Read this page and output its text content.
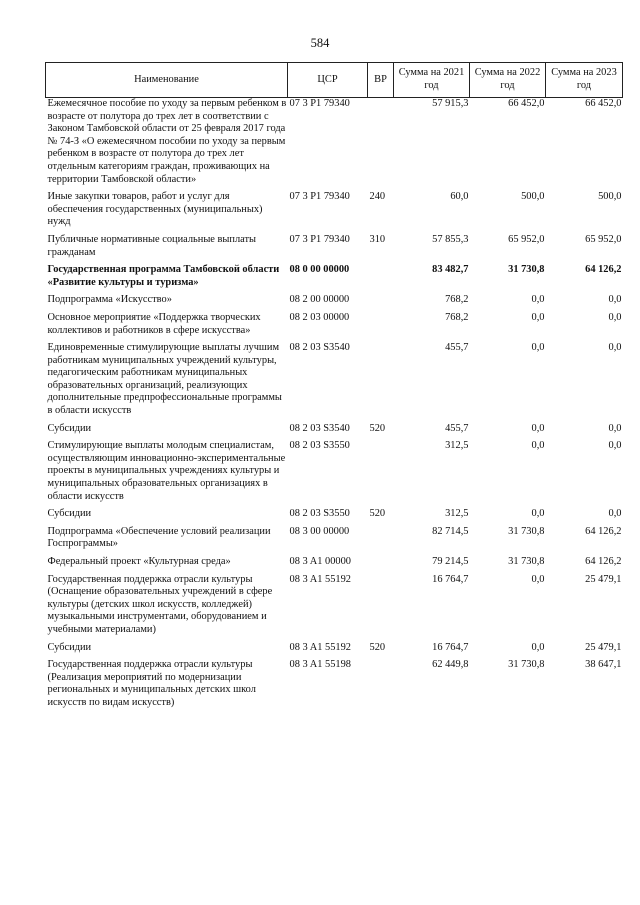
584
Наименование	ЦСР	ВР	Сумма на 2021 год	Сумма на 2022 год	Сумма на 2023 год
Ежемесячное пособие по уходу за первым ребенком в возрасте от полутора до трех лет в соответствии с Законом Тамбовской области от 25 февраля 2017 года № 74-З «О ежемесячном пособии по уходу за первым ребенком в возрасте от полутора до трех лет отдельным категориям граждан, проживающих на территории Тамбовской области»	07 3 P1 79340		57 915,3	66 452,0	66 452,0
Иные закупки товаров, работ и услуг для обеспечения государственных (муниципальных) нужд	07 3 P1 79340	240	60,0	500,0	500,0
Публичные нормативные социальные выплаты гражданам	07 3 P1 79340	310	57 855,3	65 952,0	65 952,0
Государственная программа Тамбовской области «Развитие культуры и туризма»	08 0 00 00000		83 482,7	31 730,8	64 126,2
Подпрограмма «Искусство»	08 2 00 00000		768,2	0,0	0,0
Основное мероприятие «Поддержка творческих коллективов и работников в сфере искусства»	08 2 03 00000		768,2	0,0	0,0
Единовременные стимулирующие выплаты лучшим работникам муниципальных учреждений культуры, педагогическим работникам муниципальных образовательных организаций, реализующих дополнительные предпрофессиональные программы в области искусств	08 2 03 S3540		455,7	0,0	0,0
Субсидии	08 2 03 S3540	520	455,7	0,0	0,0
Стимулирующие выплаты молодым специалистам, осуществляющим инновационно-экспериментальные проекты в муниципальных учреждениях культуры и муниципальных образовательных организациях в области искусств	08 2 03 S3550		312,5	0,0	0,0
Субсидии	08 2 03 S3550	520	312,5	0,0	0,0
Подпрограмма «Обеспечение условий реализации Госпрограммы»	08 3 00 00000		82 714,5	31 730,8	64 126,2
Федеральный проект «Культурная среда»	08 3 A1 00000		79 214,5	31 730,8	64 126,2
Государственная поддержка отрасли культуры (Оснащение образовательных учреждений в сфере культуры (детских школ искусств, колледжей) музыкальными инструментами, оборудованием и учебными материалами)	08 3 A1 55192		16 764,7	0,0	25 479,1
Субсидии	08 3 A1 55192	520	16 764,7	0,0	25 479,1
Государственная поддержка отрасли культуры (Реализация мероприятий по модернизации региональных и муниципальных детских школ искусств по видам искусств)	08 3 A1 55198		62 449,8	31 730,8	38 647,1
